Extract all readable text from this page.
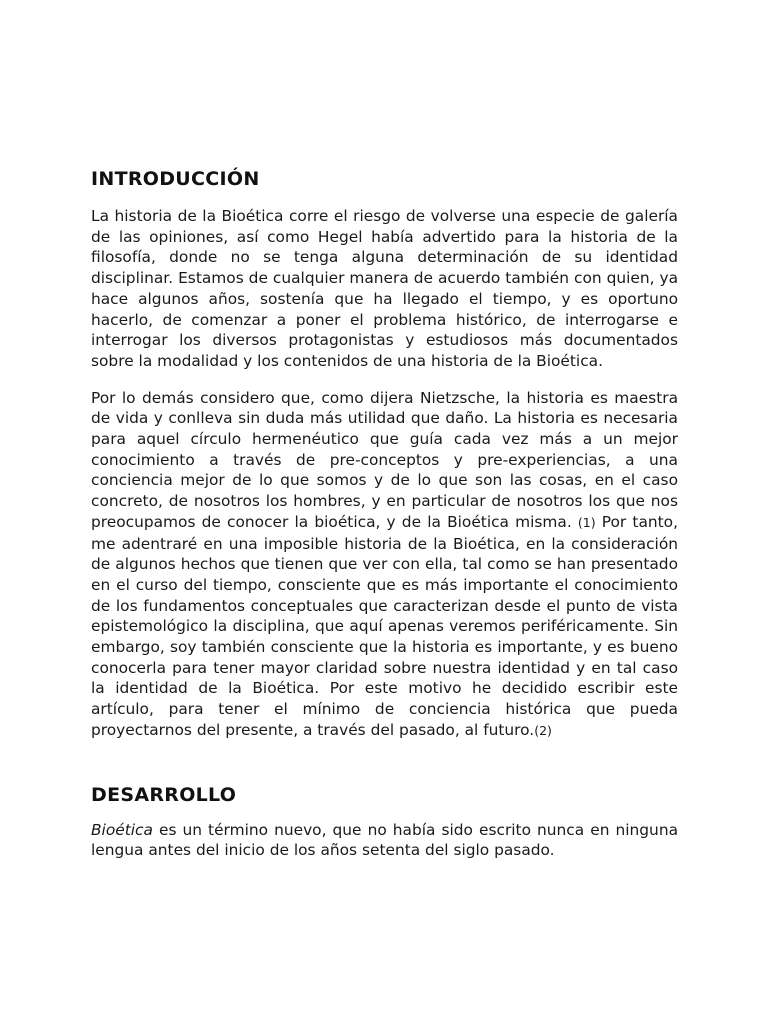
INTRODUCCIÓN

La historia de la Bioética corre el riesgo de volverse una especie de galería de las opiniones, así como Hegel había advertido para la historia de la filosofía, donde no se tenga alguna determinación de su identidad disciplinar. Estamos de cualquier manera de acuerdo también con quien, ya hace algunos años, sostenía que ha llegado el tiempo, y es oportuno hacerlo, de comenzar a poner el problema histórico, de interrogarse e interrogar los diversos protagonistas y estudiosos más documentados sobre la modalidad y los contenidos de una historia de la Bioética.

Por lo demás considero que, como dijera Nietzsche, la historia es maestra de vida y conlleva sin duda más utilidad que daño. La historia es necesaria para aquel círculo hermenéutico que guía cada vez más a un mejor conocimiento a través de pre-conceptos y pre-experiencias, a una conciencia mejor de lo que somos y de lo que son las cosas, en el caso concreto, de nosotros los hombres, y en particular de nosotros los que nos preocupamos de conocer la bioética, y de la Bioética misma. (1) Por tanto, me adentraré en una imposible historia de la Bioética, en la consideración de algunos hechos que tienen que ver con ella, tal como se han presentado en el curso del tiempo, consciente que es más importante el conocimiento de los fundamentos conceptuales que caracterizan desde el punto de vista epistemológico la disciplina, que aquí apenas veremos periféricamente. Sin embargo, soy también consciente que la historia es importante, y es bueno conocerla para tener mayor claridad sobre nuestra identidad y en tal caso la identidad de la Bioética. Por este motivo he decidido escribir este artículo, para tener el mínimo de conciencia histórica que pueda proyectarnos del presente, a través del pasado, al futuro.(2)

DESARROLLO

Bioética es un término nuevo, que no había sido escrito nunca en ninguna lengua antes del inicio de los años setenta del siglo pasado.
